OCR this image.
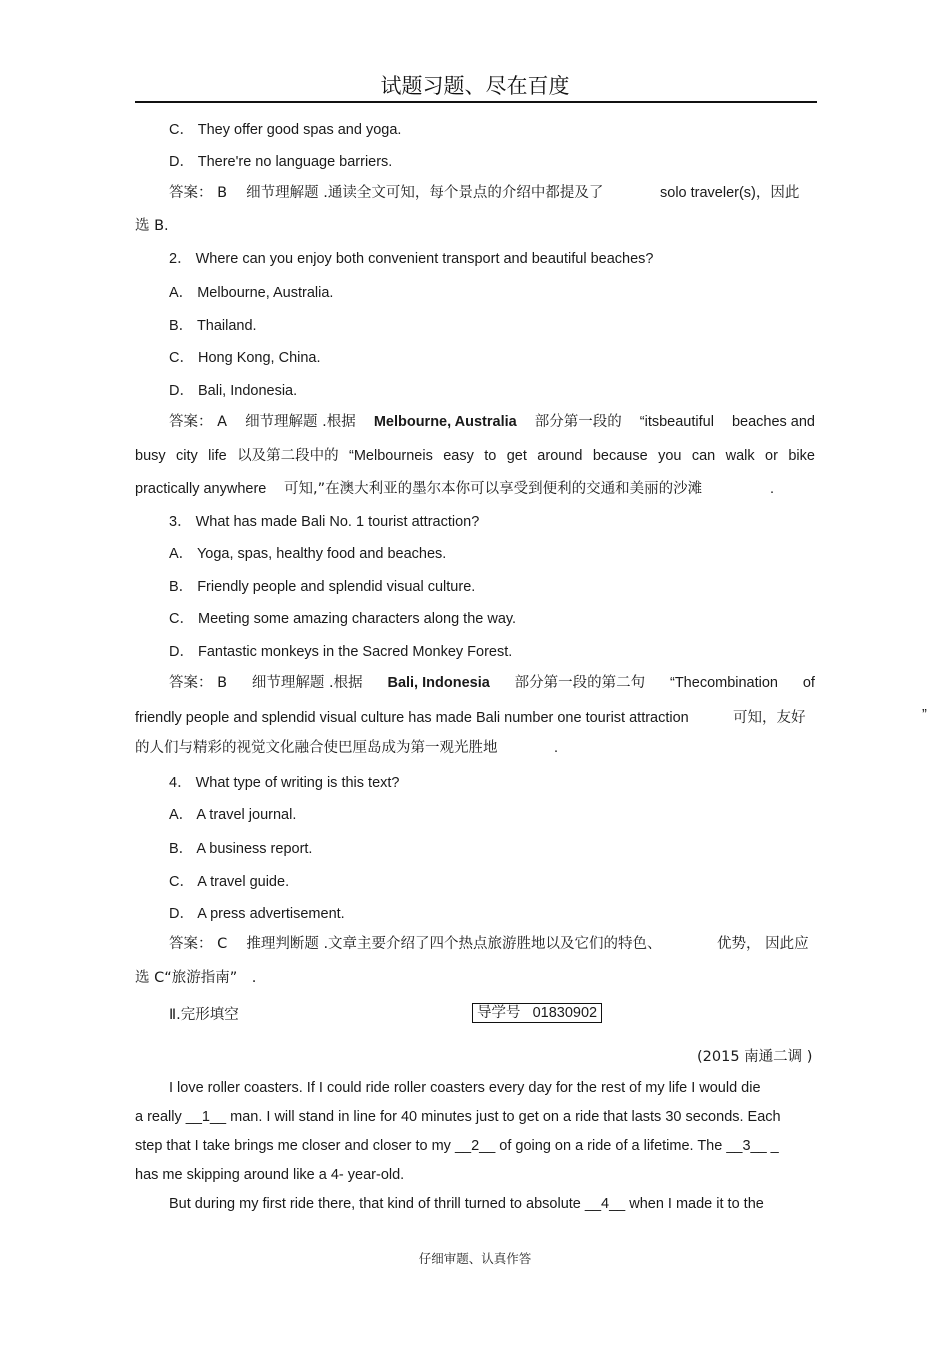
试题习题、尽在百度
C． They offer good spas and yoga.
D． There're no language barriers.
答案： B　 细节理解题 .通读全文可知，每个景点的介绍中都提及了	solo traveler(s)，因此
选 B.
2． Where can you enjoy both convenient transport and beautiful beaches?
A． Melbourne, Australia.
B． Thailand.
C． Hong Kong, China.
D． Bali, Indonesia.
答案： A 细节理解题 .根据 Melbourne, Australia 部分第一段的 “itsbeautiful beaches and
busy city life 以及第二段中的 “Melbourneis easy to get around because you can walk or bike
practically anywhere 可知,”在澳大利亚的墨尔本你可以享受到便利的交通和美丽的沙滩	.
3． What has made Bali No. 1 tourist attraction?
A． Yoga, spas, healthy food and beaches.
B． Friendly people and splendid visual culture.
C． Meeting some amazing characters along the way.
D． Fantastic monkeys in the Sacred Monkey Forest.
答案： B 细节理解题 .根据 Bali, Indonesia 部分第一段的第二句 “Thecombination of
friendly people and splendid visual culture has made Bali number one tourist attraction	可知，友好	”
的人们与精彩的视觉文化融合使巴厘岛成为第一观光胜地	.
4． What type of writing is this text?
A． A travel journal.
B． A business report.
C． A travel guide.
D． A press advertisement.
答案： C　 推理判断题 .文章主要介绍了四个热点旅游胜地以及它们的特色、	优势， 因此应
选 C“旅游指南”　.
Ⅱ.完形填空	导学号 01830902
(2015 南通二调 )
I love roller coasters. If I could ride roller coasters every day for the rest of my life I would die
a really __1__ man. I will stand in line for 40 minutes just to get on a ride that lasts 30 seconds. Each
step that I take brings me closer and closer to my __2__ of going on a ride of a lifetime. The __3__ _
has me skipping around like a 4- year-old.
But during my first ride there, that kind of thrill turned to absolute __4__ when I made it to the
仔细审题、认真作答
